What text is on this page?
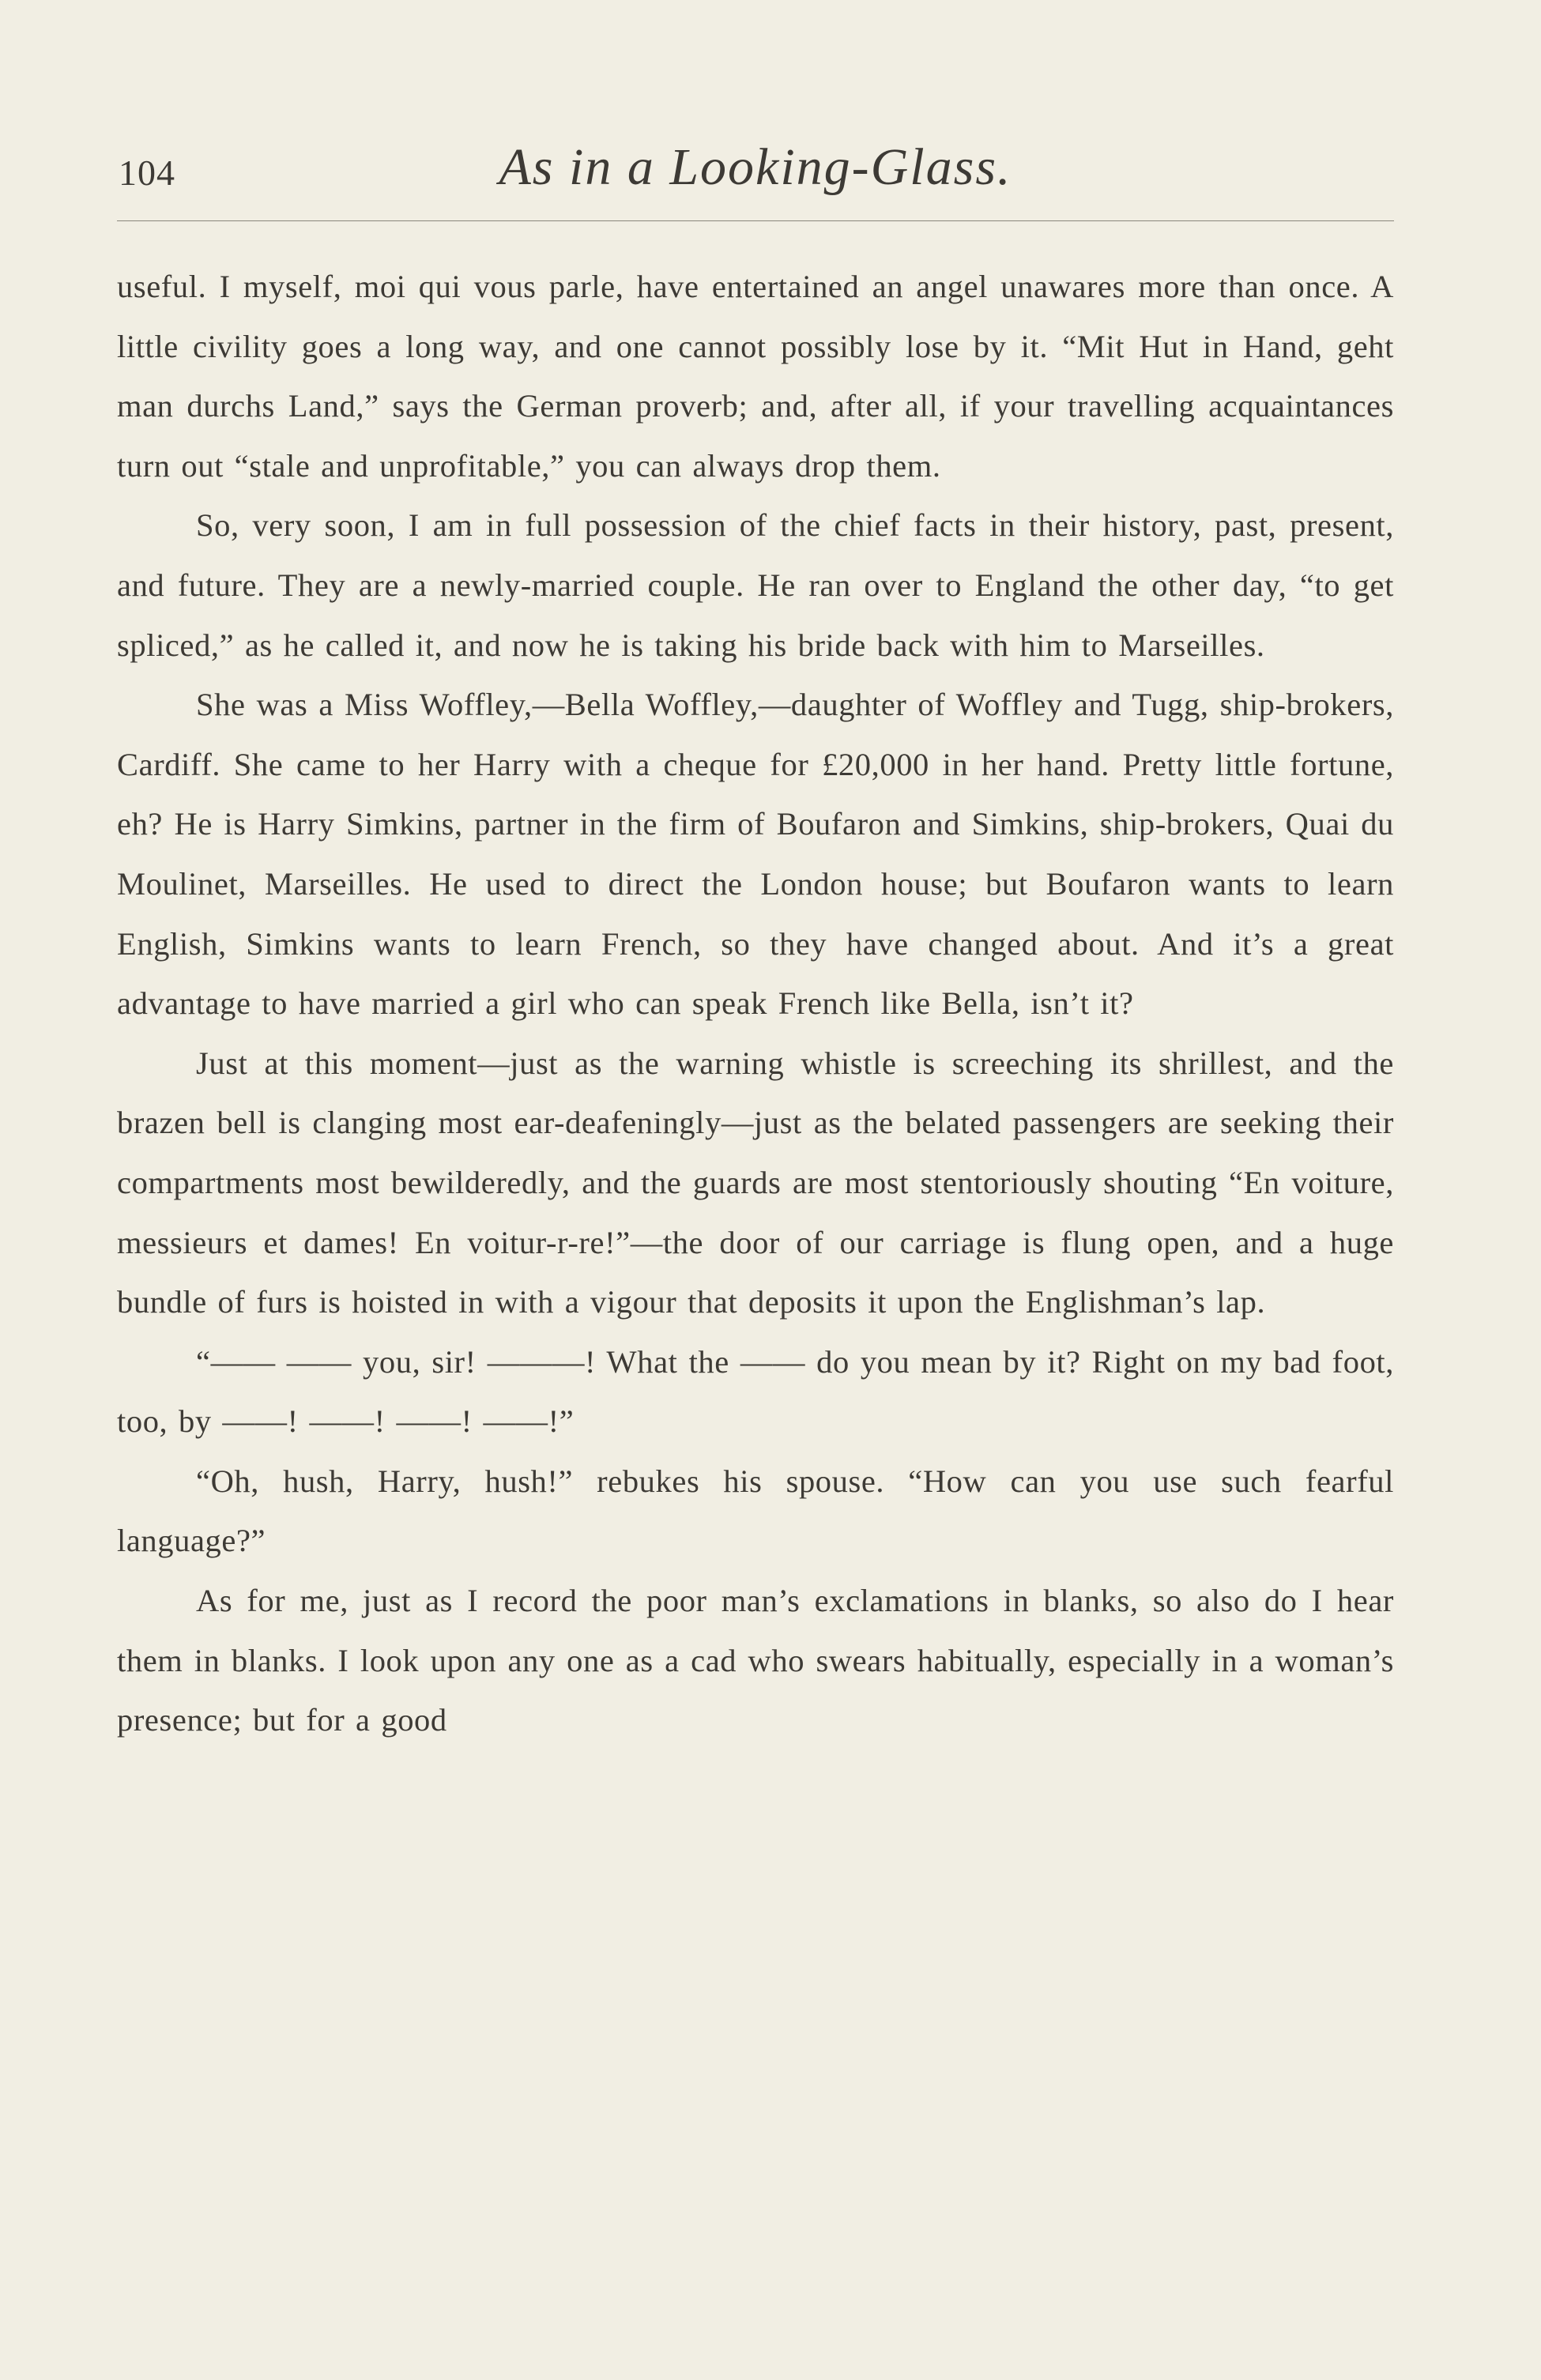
104	As in a Looking-Glass.

useful. I myself, moi qui vous parle, have entertained an angel unawares more than once. A little civility goes a long way, and one cannot possibly lose by it. “Mit Hut in Hand, geht man durchs Land,” says the German proverb; and, after all, if your travelling acquaintances turn out “stale and unprofitable,” you can always drop them.

So, very soon, I am in full possession of the chief facts in their history, past, present, and future. They are a newly-married couple. He ran over to England the other day, “to get spliced,” as he called it, and now he is taking his bride back with him to Marseilles.

She was a Miss Woffley,—Bella Woffley,—daughter of Woffley and Tugg, ship-brokers, Cardiff. She came to her Harry with a cheque for £20,000 in her hand. Pretty little fortune, eh? He is Harry Simkins, partner in the firm of Boufaron and Simkins, ship-brokers, Quai du Moulinet, Marseilles. He used to direct the London house; but Boufaron wants to learn English, Simkins wants to learn French, so they have changed about. And it’s a great advantage to have married a girl who can speak French like Bella, isn’t it?

Just at this moment—just as the warning whistle is screeching its shrillest, and the brazen bell is clanging most ear-deafeningly—just as the belated passengers are seeking their compartments most bewilderedly, and the guards are most stentoriously shouting “En voiture, messieurs et dames! En voitur-r-re!”—the door of our carriage is flung open, and a huge bundle of furs is hoisted in with a vigour that deposits it upon the Englishman’s lap.

“—— —— you, sir! ———! What the —— do you mean by it? Right on my bad foot, too, by ——! ——! ——! ——!”

“Oh, hush, Harry, hush!” rebukes his spouse. “How can you use such fearful language?”

As for me, just as I record the poor man’s exclamations in blanks, so also do I hear them in blanks. I look upon any one as a cad who swears habitually, especially in a woman’s presence; but for a good
